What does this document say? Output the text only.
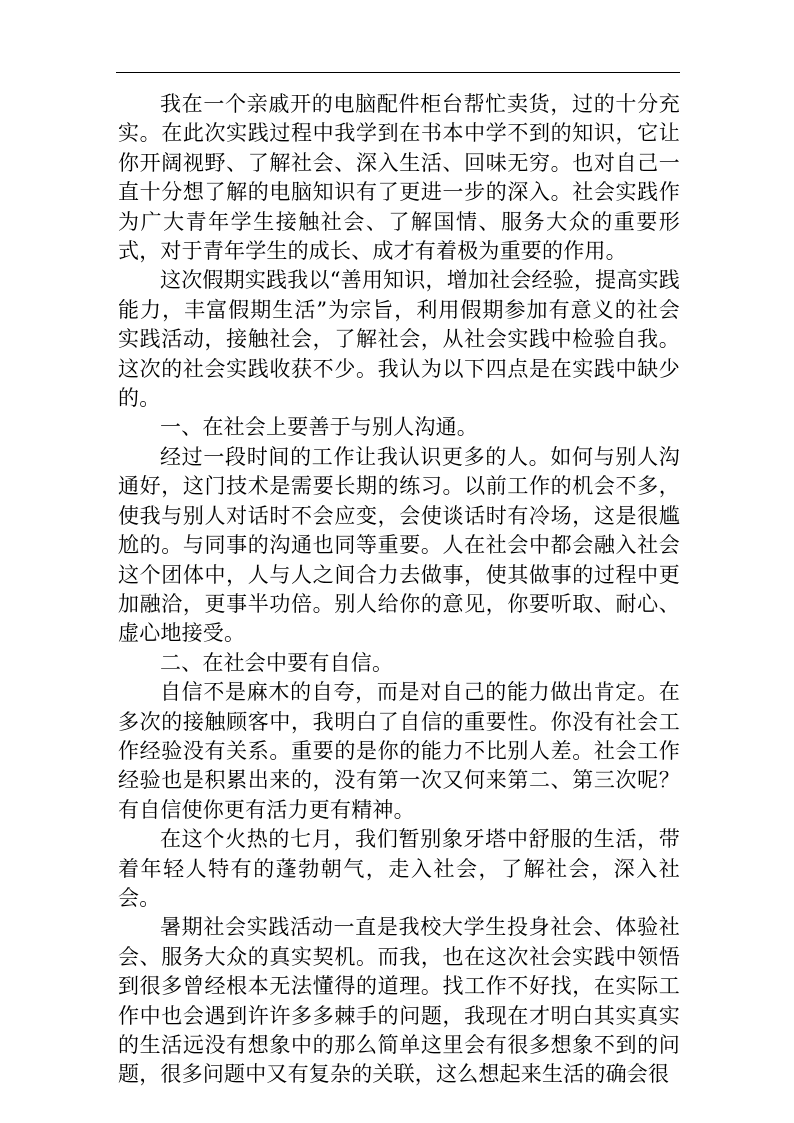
我在一个亲戚开的电脑配件柜台帮忙卖货，过的十分充实。在此次实践过程中我学到在书本中学不到的知识，它让你开阔视野、了解社会、深入生活、回味无穷。也对自己一直十分想了解的电脑知识有了更进一步的深入。社会实践作为广大青年学生接触社会、了解国情、服务大众的重要形式，对于青年学生的成长、成才有着极为重要的作用。

这次假期实践我以“善用知识，增加社会经验，提高实践能力，丰富假期生活”为宗旨，利用假期参加有意义的社会实践活动，接触社会，了解社会，从社会实践中检验自我。这次的社会实践收获不少。我认为以下四点是在实践中缺少的。

一、在社会上要善于与别人沟通。

经过一段时间的工作让我认识更多的人。如何与别人沟通好，这门技术是需要长期的练习。以前工作的机会不多，使我与别人对话时不会应变，会使谈话时有冷场，这是很尴尬的。与同事的沟通也同等重要。人在社会中都会融入社会这个团体中，人与人之间合力去做事，使其做事的过程中更加融洽，更事半功倍。别人给你的意见，你要听取、耐心、虚心地接受。

二、在社会中要有自信。

自信不是麻木的自夸，而是对自己的能力做出肯定。在多次的接触顾客中，我明白了自信的重要性。你没有社会工作经验没有关系。重要的是你的能力不比别人差。社会工作经验也是积累出来的，没有第一次又何来第二、第三次呢？有自信使你更有活力更有精神。

在这个火热的七月，我们暂别象牙塔中舒服的生活，带着年轻人特有的蓬勃朝气，走入社会，了解社会，深入社会。

暑期社会实践活动一直是我校大学生投身社会、体验社会、服务大众的真实契机。而我，也在这次社会实践中领悟到很多曾经根本无法懂得的道理。找工作不好找，在实际工作中也会遇到许许多多棘手的问题，我现在才明白其实真实的生活远没有想象中的那么简单这里会有很多想象不到的问题，很多问题中又有复杂的关联，这么想起来生活的确会很
